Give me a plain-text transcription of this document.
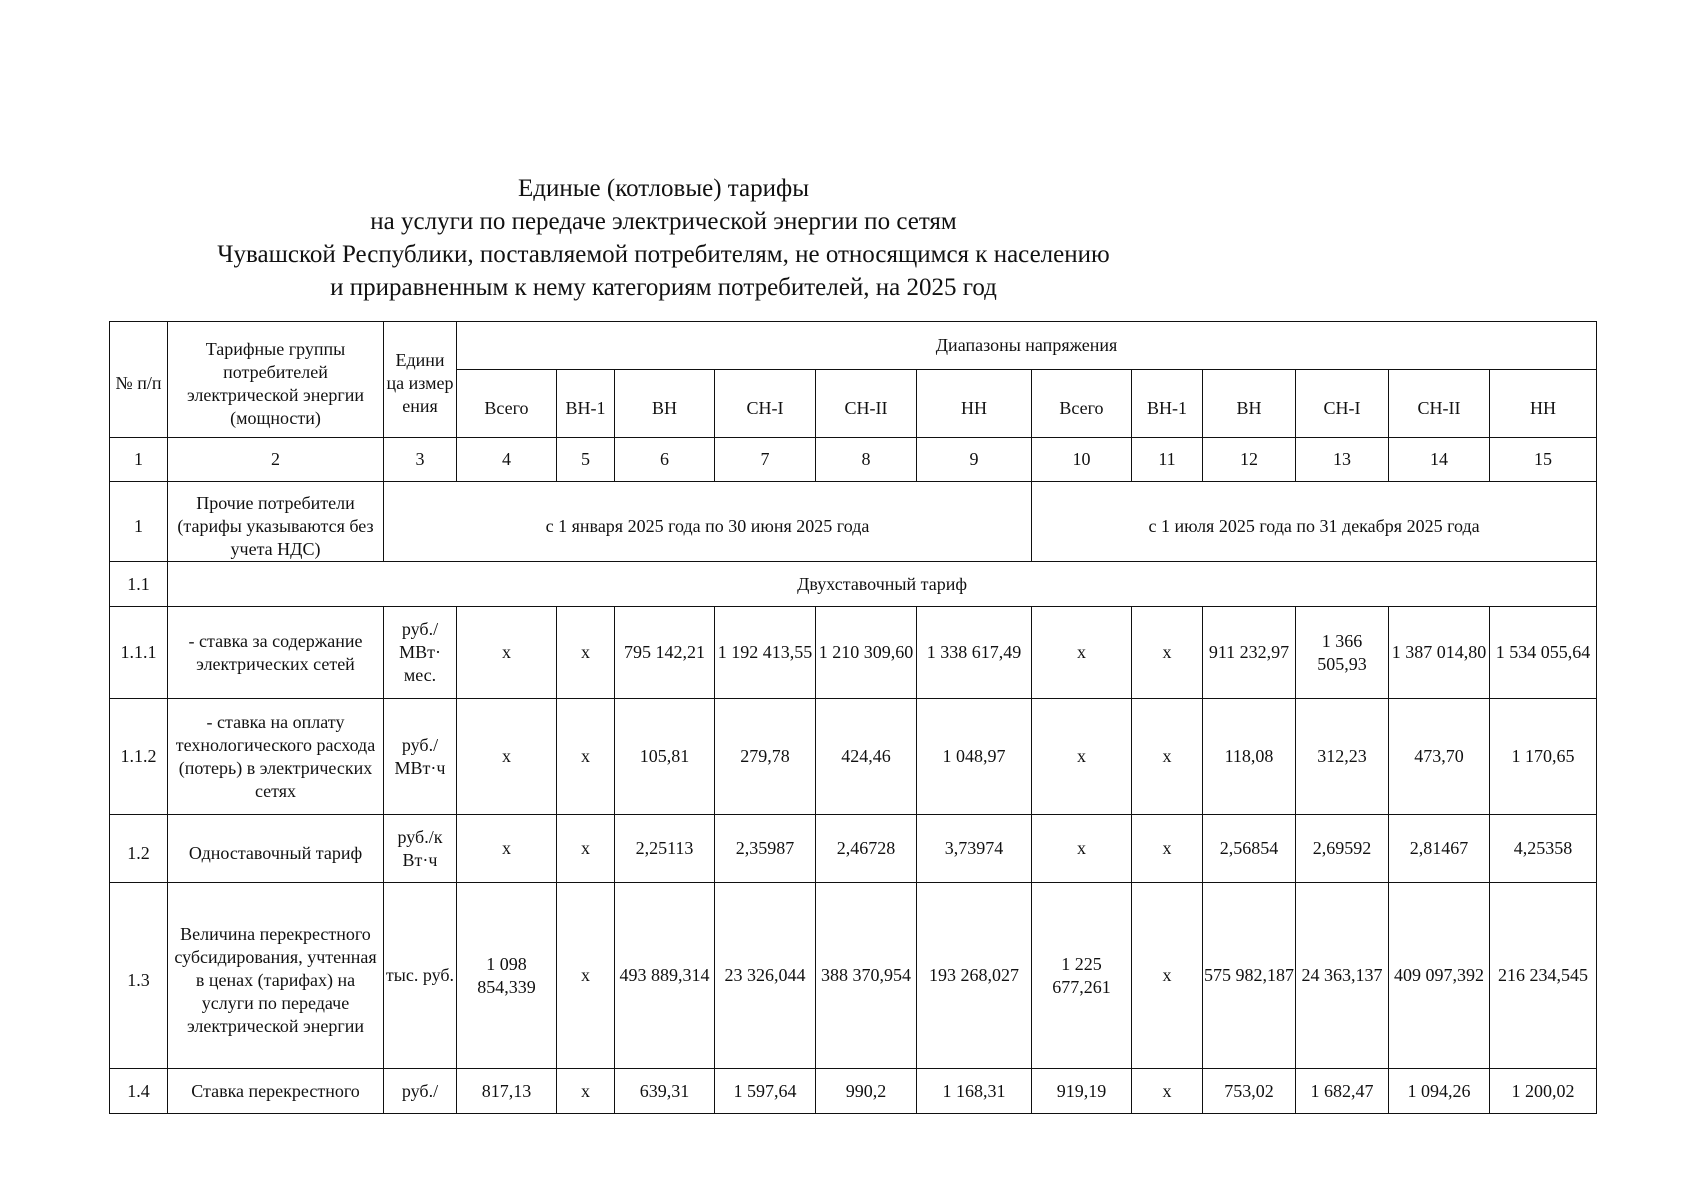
Единые (котловые) тарифы
на услуги по передаче электрической энергии по сетям
Чувашской Республики, поставляемой потребителям, не относящимся к населению
и приравненным к нему категориям потребителей, на 2025 год
№ п/п	Тарифные группы потребителей электрической энергии (мощности)	Едини ца измер ения	Диапазоны напряжения											
			Всего	ВН-1	ВН	СН-I	СН-II	НН	Всего	ВН-1	ВН	СН-I	СН-II	НН
1	2	3	4	5	6	7	8	9	10	11	12	13	14	15
1	Прочие потребители (тарифы указываются без учета НДС)	с 1 января 2025 года по 30 июня 2025 года							с 1 июля 2025 года по 31 декабря 2025 года					
1.1	Двухставочный тариф													
1.1.1	- ставка за содержание электрических сетей	руб./ МВт· мес.	х	х	795 142,21	1 192 413,55	1 210 309,60	1 338 617,49	х	х	911 232,97	1 366 505,93	1 387 014,80	1 534 055,64
1.1.2	- ставка на оплату технологического расхода (потерь) в электрических сетях	руб./ МВт·ч	х	х	105,81	279,78	424,46	1 048,97	х	х	118,08	312,23	473,70	1 170,65
1.2	Одноставочный тариф	руб./к Вт·ч	х	х	2,25113	2,35987	2,46728	3,73974	х	х	2,56854	2,69592	2,81467	4,25358
1.3	Величина перекрестного субсидирования, учтенная в ценах (тарифах) на услуги по передаче электрической энергии	тыс. руб.	1 098 854,339	х	493 889,314	23 326,044	388 370,954	193 268,027	1 225 677,261	х	575 982,187	24 363,137	409 097,392	216 234,545
1.4	Ставка перекрестного	руб./	817,13	х	639,31	1 597,64	990,2	1 168,31	919,19	х	753,02	1 682,47	1 094,26	1 200,02
